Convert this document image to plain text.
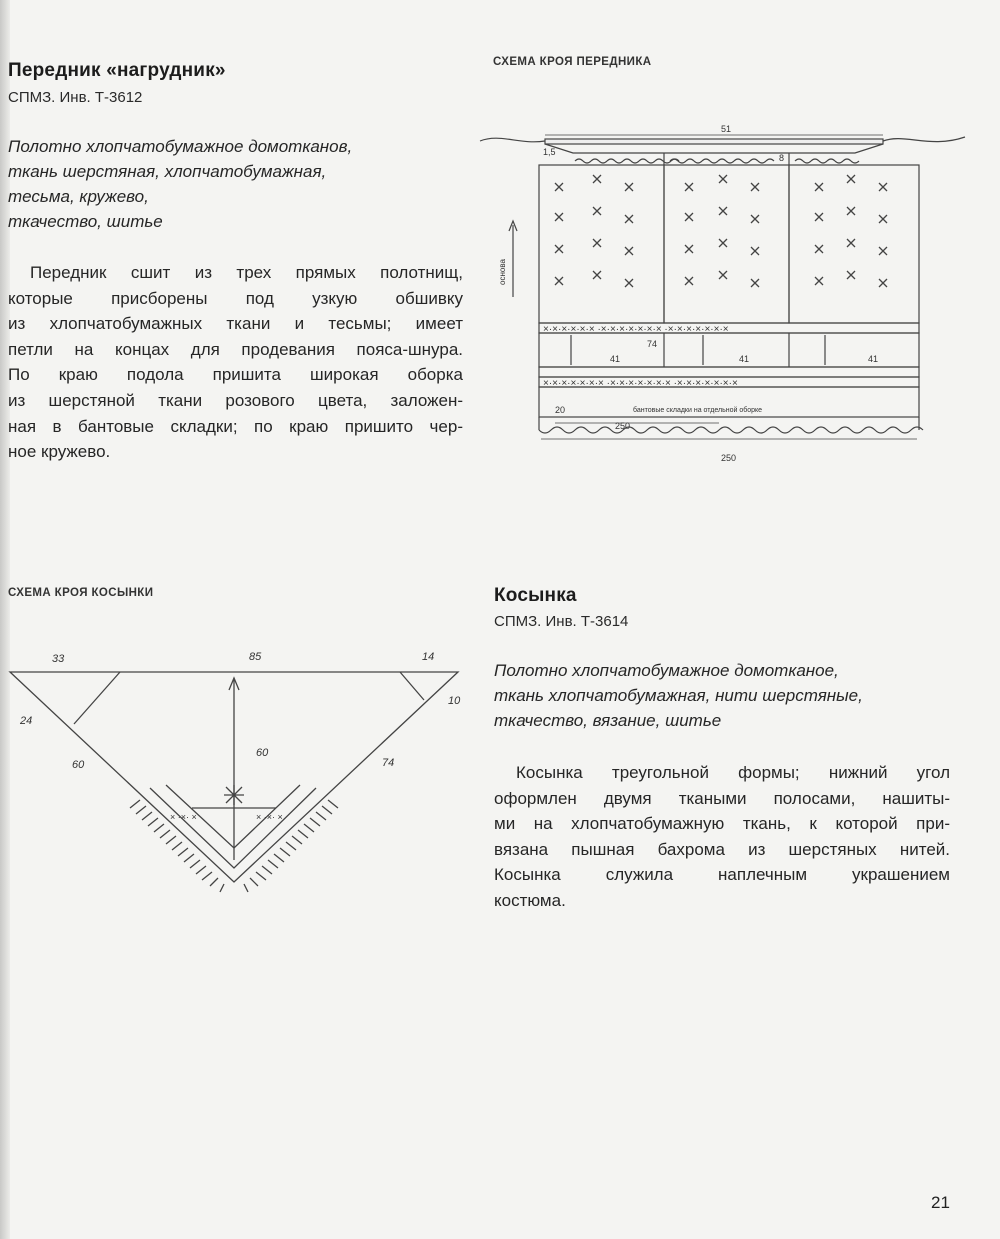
Передник «нагрудник»
СПМЗ. Инв. Т-3612
Полотно хлопчатобумажное домотканов,
ткань шерстяная, хлопчатобумажная,
тесьма, кружево,
ткачество, шитье
Передник сшит из трех прямых полотнищ,
которые присборены под узкую обшивку
из хлопчатобумажных ткани и тесьмы; имеет
петли на концах для продевания пояса-шнура.
По краю подола пришита широкая оборка
из шерстяной ткани розового цвета, заложен-
ная в бантовые складки; по краю пришито чер-
ное кружево.
СХЕМА КРОЯ ПЕРЕДНИКА
×·×·×·×·×·× ·×·×·×·×·×·×·× ·×·×·×·×·×·×·×
×·×·×·×·×·×·× ·×·×·×·×·×·×·× ·×·×·×·×·×·×·×
51
1,5
8
основа
74
41	41	41
20	бантовые складки на отдельной оборке
250
250
СХЕМА КРОЯ КОСЫНКИ
× ·×· ×	× ·×· ×
33	85	14
24
10
60	74
60
Косынка
СПМЗ. Инв. Т-3614
Полотно хлопчатобумажное домотканое,
ткань хлопчатобумажная, нити шерстяные,
ткачество, вязание, шитье
Косынка треугольной формы; нижний угол
оформлен двумя ткаными полосами, нашиты-
ми на хлопчатобумажную ткань, к которой при-
вязана пышная бахрома из шерстяных нитей.
Косынка служила наплечным украшением
костюма.
21
